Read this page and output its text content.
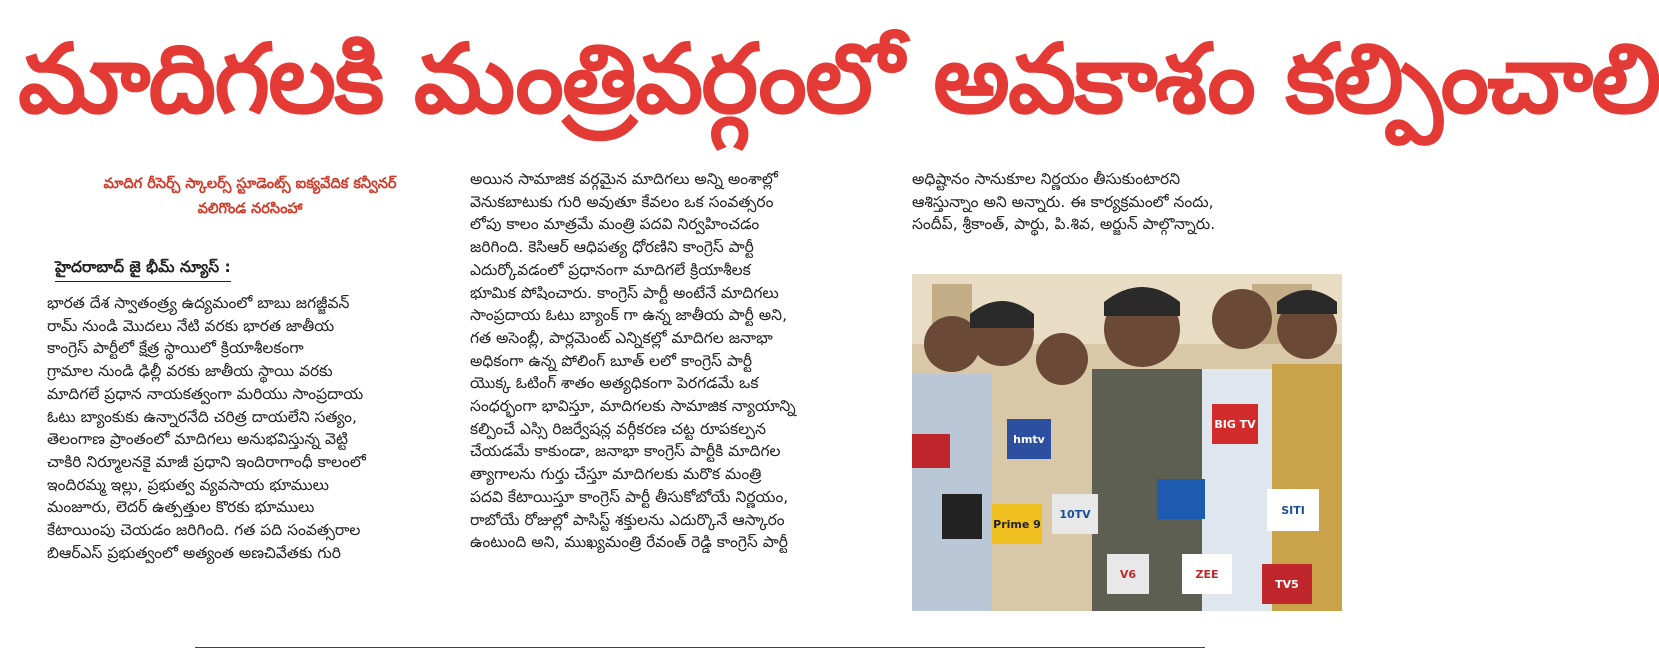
మాదిగలకి మంత్రివర్గంలో అవకాశం కల్పించాలి
మాదిగ రీసెర్చ్ స్కాలర్స్ స్టూడెంట్స్ ఐక్యవేదిక కన్వీనర్
వలిగొండ నరసింహా
హైదరాబాద్ జై భీమ్ న్యూస్ :
భారత దేశ స్వాతంత్ర్య ఉద్యమంలో బాబు జగజ్జీవన్
రామ్ నుండి మొదలు నేటి వరకు భారత జాతీయ
కాంగ్రెస్ పార్టీలో క్షేత్ర స్థాయిలో క్రియాశీలకంగా
గ్రామాల నుండి ఢిల్లీ వరకు జాతీయ స్థాయి వరకు
మాదిగలే ప్రధాన నాయకత్వంగా మరియు సాంప్రదాయ
ఓటు బ్యాంకుకు ఉన్నారనేది చరిత్ర దాయలేని సత్యం,
తెలంగాణ ప్రాంతంలో మాదిగలు అనుభవిస్తున్న వెట్టి
చాకిరి నిర్మూలనకై మాజీ ప్రధాని ఇందిరాగాంధీ కాలంలో
ఇందిరమ్మ ఇల్లు, ప్రభుత్వ వ్యవసాయ భూములు
మంజూరు, లెదర్ ఉత్పత్తుల కొరకు భూములు
కేటాయింపు చెయడం జరిగింది. గత పది సంవత్సరాల
బిఆర్ఎస్ ప్రభుత్వంలో అత్యంత అణచివేతకు గురి
అయిన సామాజిక వర్గమైన మాదిగలు అన్ని అంశాల్లో
వెనుకబాటుకు గురి అవుతూ కేవలం ఒక సంవత్సరం
లోపు కాలం మాత్రమే మంత్రి పదవి నిర్వహించడం
జరిగింది. కెసిఆర్ ఆధిపత్య ధోరణిని కాంగ్రెస్ పార్టీ
ఎదుర్కోవడంలో ప్రధానంగా మాదిగలే క్రియాశీలక
భూమిక పోషించారు. కాంగ్రెస్ పార్టీ అంటేనే మాదిగలు
సాంప్రదాయ ఓటు బ్యాంక్ గా ఉన్న జాతీయ పార్టీ అని,
గత అసెంబ్లీ, పార్లమెంట్ ఎన్నికల్లో మాదిగల జనాభా
అధికంగా ఉన్న పోలింగ్ బూత్ లలో కాంగ్రెస్ పార్టీ
యొక్క ఓటింగ్ శాతం అత్యధికంగా పెరగడమే ఒక
సంధర్భంగా భావిస్తూ, మాదిగలకు సామాజిక న్యాయాన్ని
కల్పించే ఎస్సి రిజర్వేషన్ల వర్గీకరణ చట్ట రూపకల్పన
చేయడమే కాకుండా, జనాభా కాంగ్రెస్ పార్టీకి మాదిగల
త్యాగాలను గుర్తు చేస్తూ మాదిగలకు మరొక మంత్రి
పదవి కేటాయిస్తూ కాంగ్రెస్ పార్టీ తీసుకోబోయే నిర్ణయం,
రాబోయే రోజుల్లో పాసిస్ట్ శక్తులను ఎదుర్కొనే ఆస్కారం
ఉంటుంది అని, ముఖ్యమంత్రి రేవంత్ రెడ్డి కాంగ్రెస్ పార్టీ
అధిష్టానం సానుకూల నిర్ణయం తీసుకుంటారని
ఆశిస్తున్నాం అని అన్నారు. ఈ కార్యక్రమంలో నందు,
సందీప్, శ్రీకాంత్, పార్థు, పి.శివ, అర్జున్ పాల్గొన్నారు.
hmtv
BIG TV
Prime 9
10TV	SITI
V6	ZEE
TV5
